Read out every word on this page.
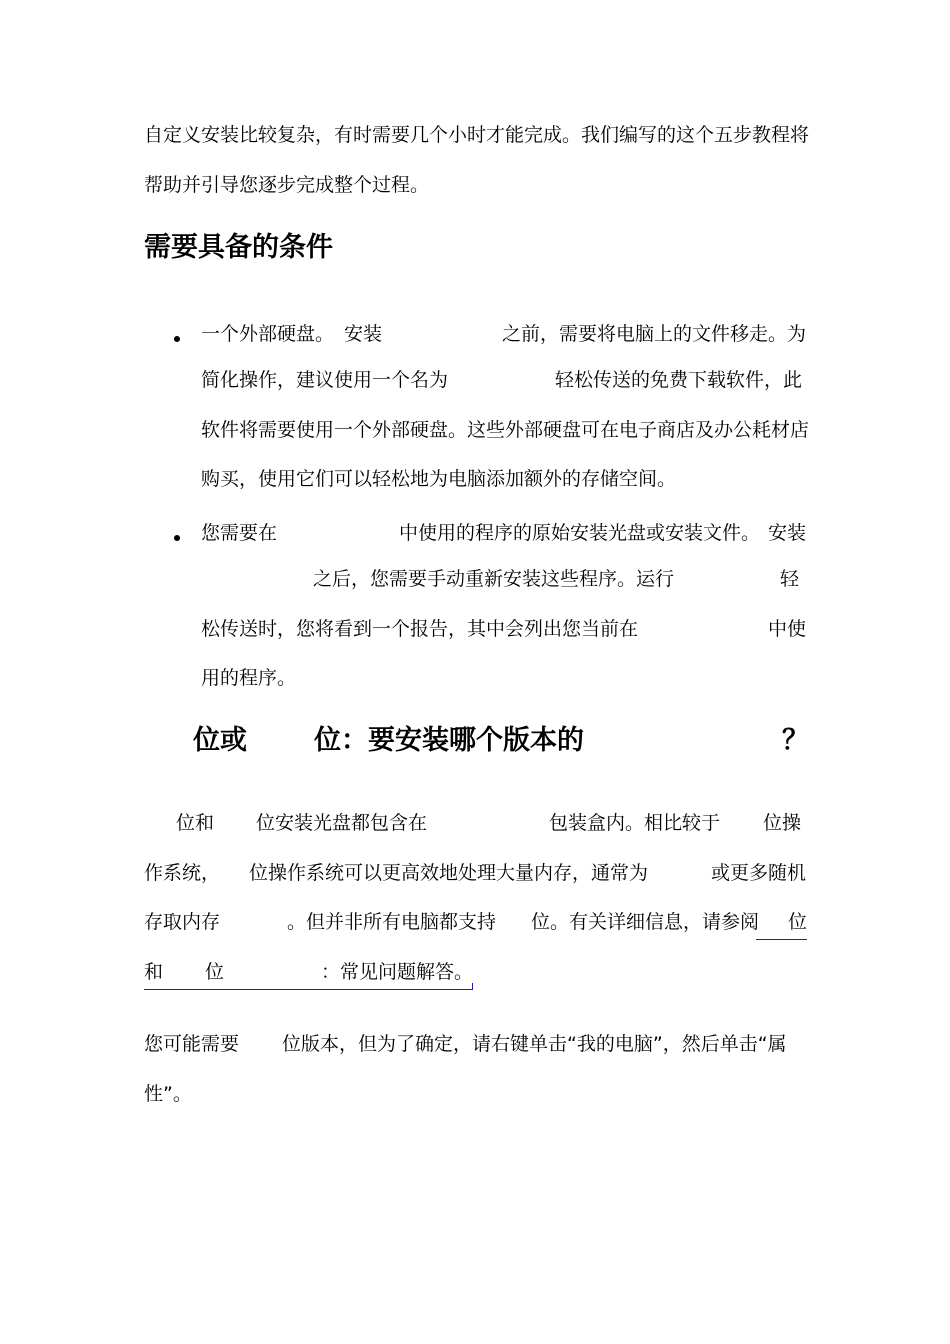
自定义安装比较复杂，有时需要几个小时才能完成。我们编写的这个五步教程将
帮助并引导您逐步完成整个过程。
需要具备的条件
一个外部硬盘。 安装	之前，需要将电脑上的文件移走。为
简化操作，建议使用一个名为	轻松传送的免费下载软件，此
软件将需要使用一个外部硬盘。这些外部硬盘可在电子商店及办公耗材店
购买，使用它们可以轻松地为电脑添加额外的存储空间。
您需要在	中使用的程序的原始安装光盘或安装文件。 安装
之后，您需要手动重新安装这些程序。运行	轻
松传送时，您将看到一个报告，其中会列出您当前在	中使
用的程序。
位或 位：要安装哪个版本的	？
位和 位安装光盘都包含在	包装盒内。相比较于 位操
作系统， 位操作系统可以更高效地处理大量内存，通常为	或更多随机
存取内存	。但并非所有电脑都支持 位。有关详细信息，请参阅 位
和 位	：常见问题解答。
您可能需要 位版本，但为了确定，请右键单击“我的电脑”，然后单击“属
性”。
